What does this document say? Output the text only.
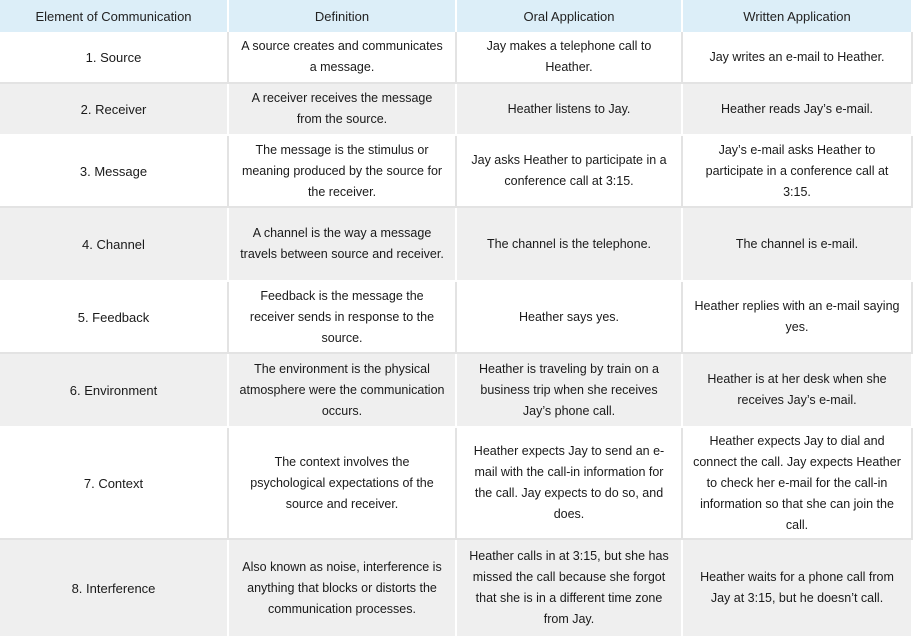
Element of Communication	Definition	Oral Application	Written Application
1. Source	A source creates and communicates a message.	Jay makes a telephone call to Heather.	Jay writes an e-mail to Heather.
2. Receiver	A receiver receives the message from the source.	Heather listens to Jay.	Heather reads Jay’s e-mail.
3. Message	The message is the stimulus or meaning produced by the source for the receiver.	Jay asks Heather to participate in a conference call at 3:15.	Jay’s e-mail asks Heather to participate in a conference call at 3:15.
4. Channel	A channel is the way a message travels between source and receiver.	The channel is the telephone.	The channel is e-mail.
5. Feedback	Feedback is the message the receiver sends in response to the source.	Heather says yes.	Heather replies with an e-mail saying yes.
6. Environment	The environment is the physical atmosphere were the communication occurs.	Heather is traveling by train on a business trip when she receives Jay’s phone call.	Heather is at her desk when she receives Jay’s e-mail.
7. Context	The context involves the psychological expectations of the source and receiver.	Heather expects Jay to send an e-mail with the call-in information for the call. Jay expects to do so, and does.	Heather expects Jay to dial and connect the call. Jay expects Heather to check her e-mail for the call-in information so that she can join the call.
8. Interference	Also known as noise, interference is anything that blocks or distorts the communication processes.	Heather calls in at 3:15, but she has missed the call because she forgot that she is in a different time zone from Jay.	Heather waits for a phone call from Jay at 3:15, but he doesn’t call.
